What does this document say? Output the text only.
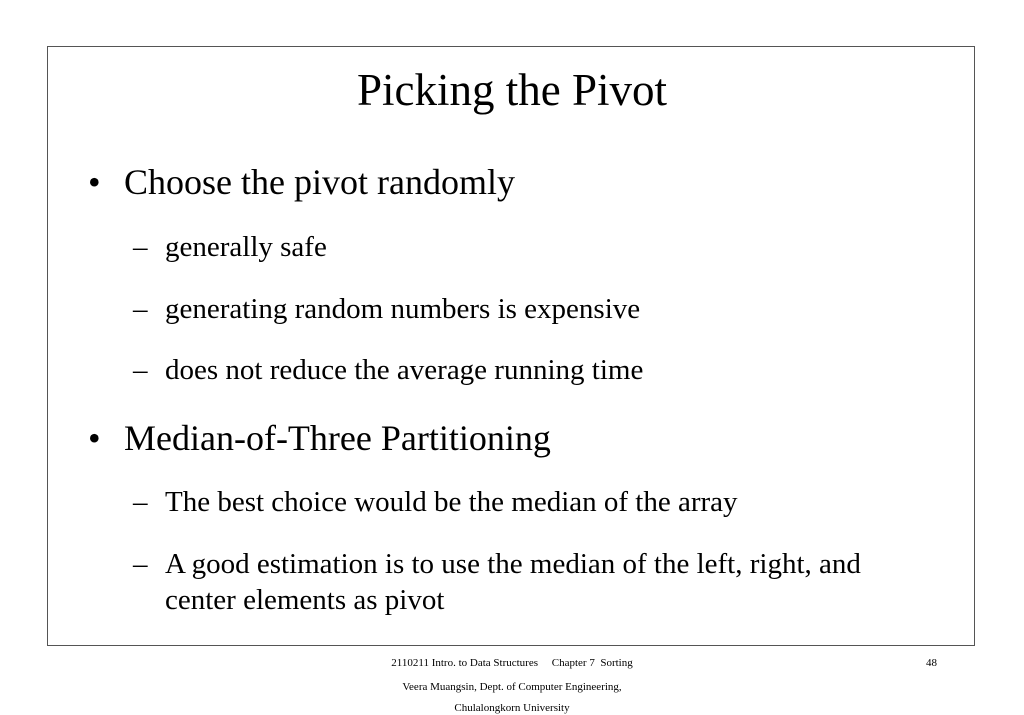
Picking the Pivot
• Choose the pivot randomly
– generally safe
– generating random numbers is expensive
– does not reduce the average running time
• Median-of-Three Partitioning
– The best choice would be the median of the array
– A good estimation is to use the median of the left, right, and center elements as pivot
2110211 Intro. to Data Structures     Chapter 7  Sorting	48
Veera Muangsin, Dept. of Computer Engineering,
Chulalongkorn University
